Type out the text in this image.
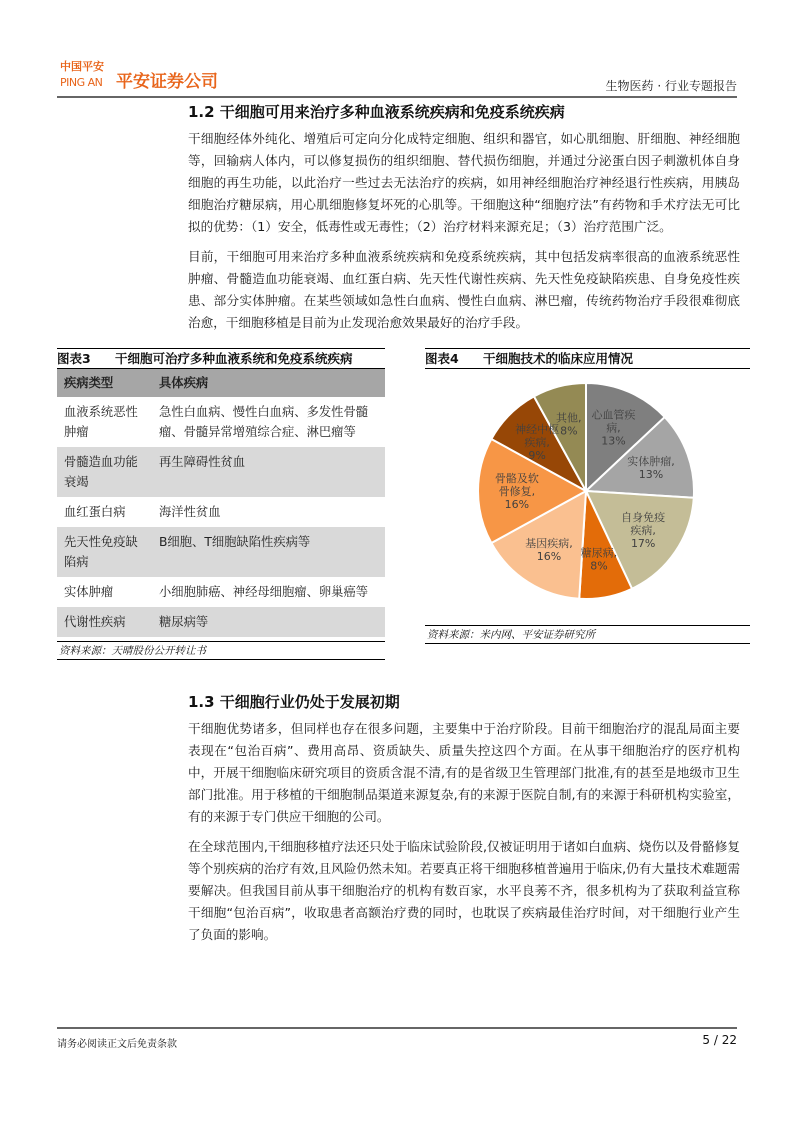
中国平安
PING AN 平安证券公司	生物医药 · 行业专题报告
1.2 干细胞可用来治疗多种血液系统疾病和免疫系统疾病
干细胞经体外纯化、增殖后可定向分化成特定细胞、组织和器官，如心肌细胞、肝细胞、神经细胞等，回输病人体内，可以修复损伤的组织细胞、替代损伤细胞，并通过分泌蛋白因子刺激机体自身细胞的再生功能，以此治疗一些过去无法治疗的疾病，如用神经细胞治疗神经退行性疾病，用胰岛细胞治疗糖尿病，用心肌细胞修复坏死的心肌等。干细胞这种“细胞疗法”有药物和手术疗法无可比拟的优势：（1）安全，低毒性或无毒性；（2）治疗材料来源充足；（3）治疗范围广泛。
目前，干细胞可用来治疗多种血液系统疾病和免疫系统疾病，其中包括发病率很高的血液系统恶性肿瘤、骨髓造血功能衰竭、血红蛋白病、先天性代谢性疾病、先天性免疫缺陷疾患、自身免疫性疾患、部分实体肿瘤。在某些领域如急性白血病、慢性白血病、淋巴瘤，传统药物治疗手段很难彻底治愈，干细胞移植是目前为止发现治愈效果最好的治疗手段。
图表3 干细胞可治疗多种血液系统和免疫系统疾病
疾病类型	具体疾病
血液系统恶性肿瘤	急性白血病、慢性白血病、多发性骨髓瘤、骨髓异常增殖综合症、淋巴瘤等
骨髓造血功能衰竭	再生障碍性贫血
血红蛋白病	海洋性贫血
先天性免疫缺陷病	B细胞、T细胞缺陷性疾病等
实体肿瘤	小细胞肺癌、神经母细胞瘤、卵巢癌等
代谢性疾病	糖尿病等
资料来源：天晴股份公开转让书
图表4 干细胞技术的临床应用情况
心血管疾病, 13%
实体肿瘤, 13%
自身免疫疾病, 17%
糖尿病, 8%
基因疾病, 16%
骨骼及软骨修复, 16%
神经中枢疾病, 9%
其他, 8%
资料来源：米内网、平安证券研究所
1.3 干细胞行业仍处于发展初期
干细胞优势诸多，但同样也存在很多问题，主要集中于治疗阶段。目前干细胞治疗的混乱局面主要表现在“包治百病”、费用高昂、资质缺失、质量失控这四个方面。在从事干细胞治疗的医疗机构中，开展干细胞临床研究项目的资质含混不清,有的是省级卫生管理部门批准,有的甚至是地级市卫生部门批准。用于移植的干细胞制品渠道来源复杂,有的来源于医院自制,有的来源于科研机构实验室，有的来源于专门供应干细胞的公司。
在全球范围内,干细胞移植疗法还只处于临床试验阶段,仅被证明用于诸如白血病、烧伤以及骨骼修复等个别疾病的治疗有效,且风险仍然未知。若要真正将干细胞移植普遍用于临床,仍有大量技术难题需要解决。但我国目前从事干细胞治疗的机构有数百家，水平良莠不齐，很多机构为了获取利益宣称干细胞“包治百病”，收取患者高额治疗费的同时，也耽误了疾病最佳治疗时间，对干细胞行业产生了负面的影响。
请务必阅读正文后免责条款	5 / 22
